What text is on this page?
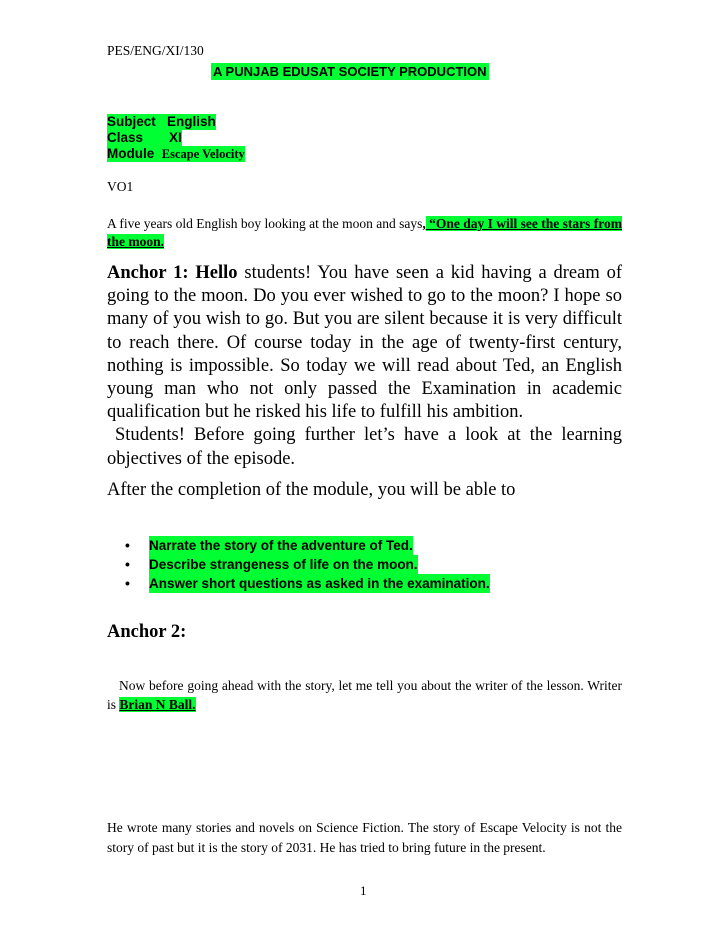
PES/ENG/XI/130
A PUNJAB EDUSAT SOCIETY PRODUCTION
Subject English
Class XI
Module Escape Velocity
VO1
A five years old English boy looking at the moon and says, “One day I will see the stars from the moon.

Anchor 1: Hello students! You have seen a kid having a dream of going to the moon. Do you ever wished to go to the moon? I hope so many of you wish to go. But you are silent because it is very difficult to reach there. Of course today in the age of twenty-first century, nothing is impossible. So today we will read about Ted, an English young man who not only passed the Examination in academic qualification but he risked his life to fulfill his ambition.

Students! Before going further let’s have a look at the learning objectives of the episode.

After the completion of the module, you will be able to
•	Narrate the story of the adventure of Ted.
•	Describe strangeness of life on the moon.
•	Answer short questions as asked in the examination.
Anchor 2:
Now before going ahead with the story, let me tell you about the writer of the lesson. Writer is Brian N Ball.
He wrote many stories and novels on Science Fiction. The story of Escape Velocity is not the story of past but it is the story of 2031. He has tried to bring future in the present.
1
